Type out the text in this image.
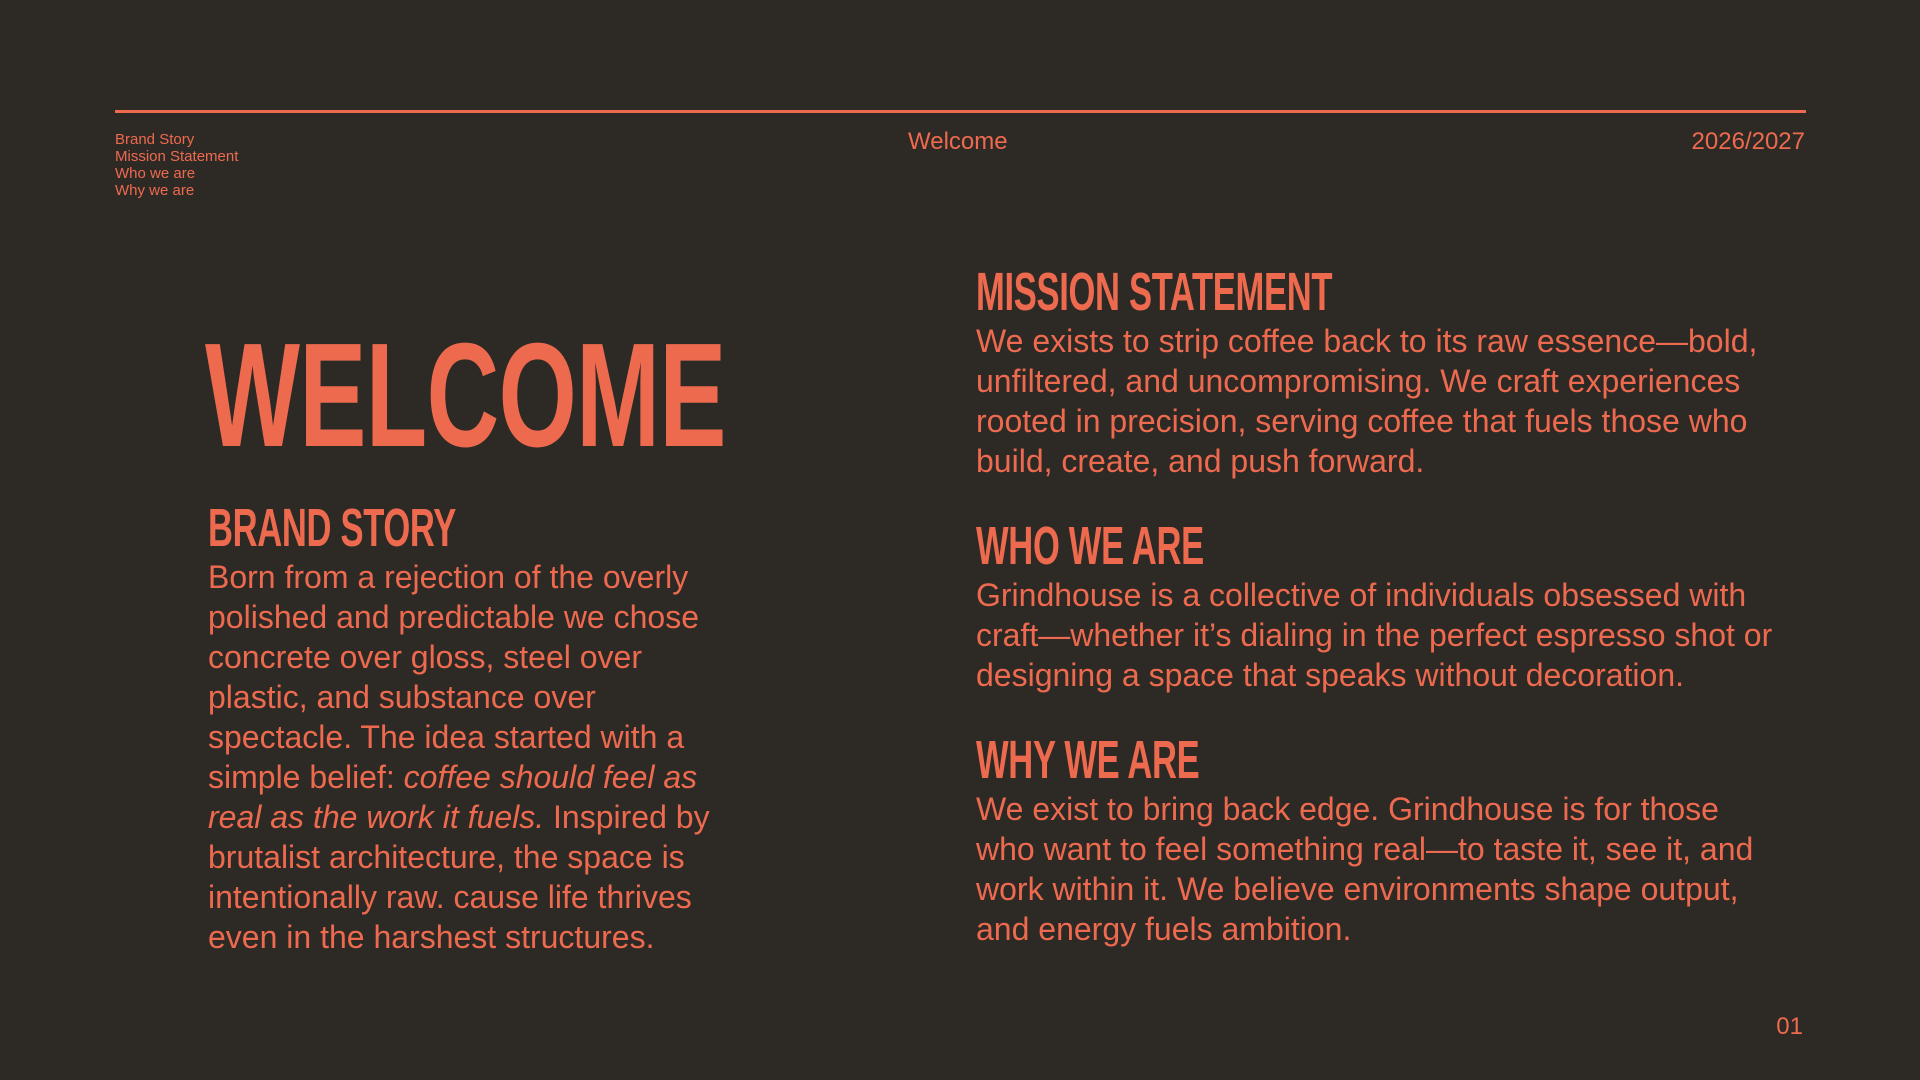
Brand Story
Mission Statement
Who we are
Why we are
Welcome	2026/2027
WELCOME
BRAND STORY
Born from a rejection of the overly polished and predictable we chose concrete over gloss, steel over plastic, and substance over spectacle. The idea started with a simple belief: coffee should feel as real as the work it fuels. Inspired by brutalist architecture, the space is intentionally raw. cause life thrives even in the harshest structures.
MISSION STATEMENT
We exists to strip coffee back to its raw essence—bold, unfiltered, and uncompromising. We craft experiences rooted in precision, serving coffee that fuels those who build, create, and push forward.
WHO WE ARE
Grindhouse is a collective of individuals obsessed with craft—whether it’s dialing in the perfect espresso shot or designing a space that speaks without decoration.
WHY WE ARE
We exist to bring back edge. Grindhouse is for those who want to feel something real—to taste it, see it, and work within it. We believe environments shape output, and energy fuels ambition.
01
